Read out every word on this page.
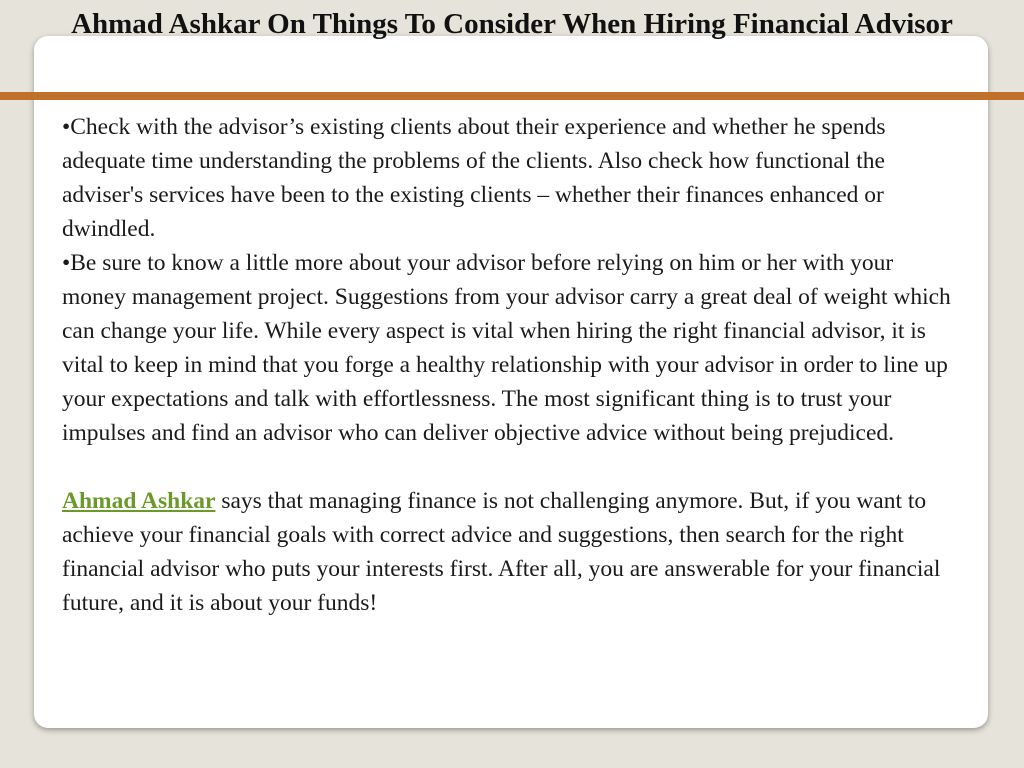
Ahmad Ashkar On Things To Consider When Hiring Financial Advisor

•Check with the advisor’s existing clients about their experience and whether he spends adequate time understanding the problems of the clients. Also check how functional the adviser's services have been to the existing clients – whether their finances enhanced or dwindled.

•Be sure to know a little more about your advisor before relying on him or her with your money management project. Suggestions from your advisor carry a great deal of weight which can change your life. While every aspect is vital when hiring the right financial advisor, it is vital to keep in mind that you forge a healthy relationship with your advisor in order to line up your expectations and talk with effortlessness. The most significant thing is to trust your impulses and find an advisor who can deliver objective advice without being prejudiced.

Ahmad Ashkar says that managing finance is not challenging anymore. But, if you want to achieve your financial goals with correct advice and suggestions, then search for the right financial advisor who puts your interests first. After all, you are answerable for your financial future, and it is about your funds!
